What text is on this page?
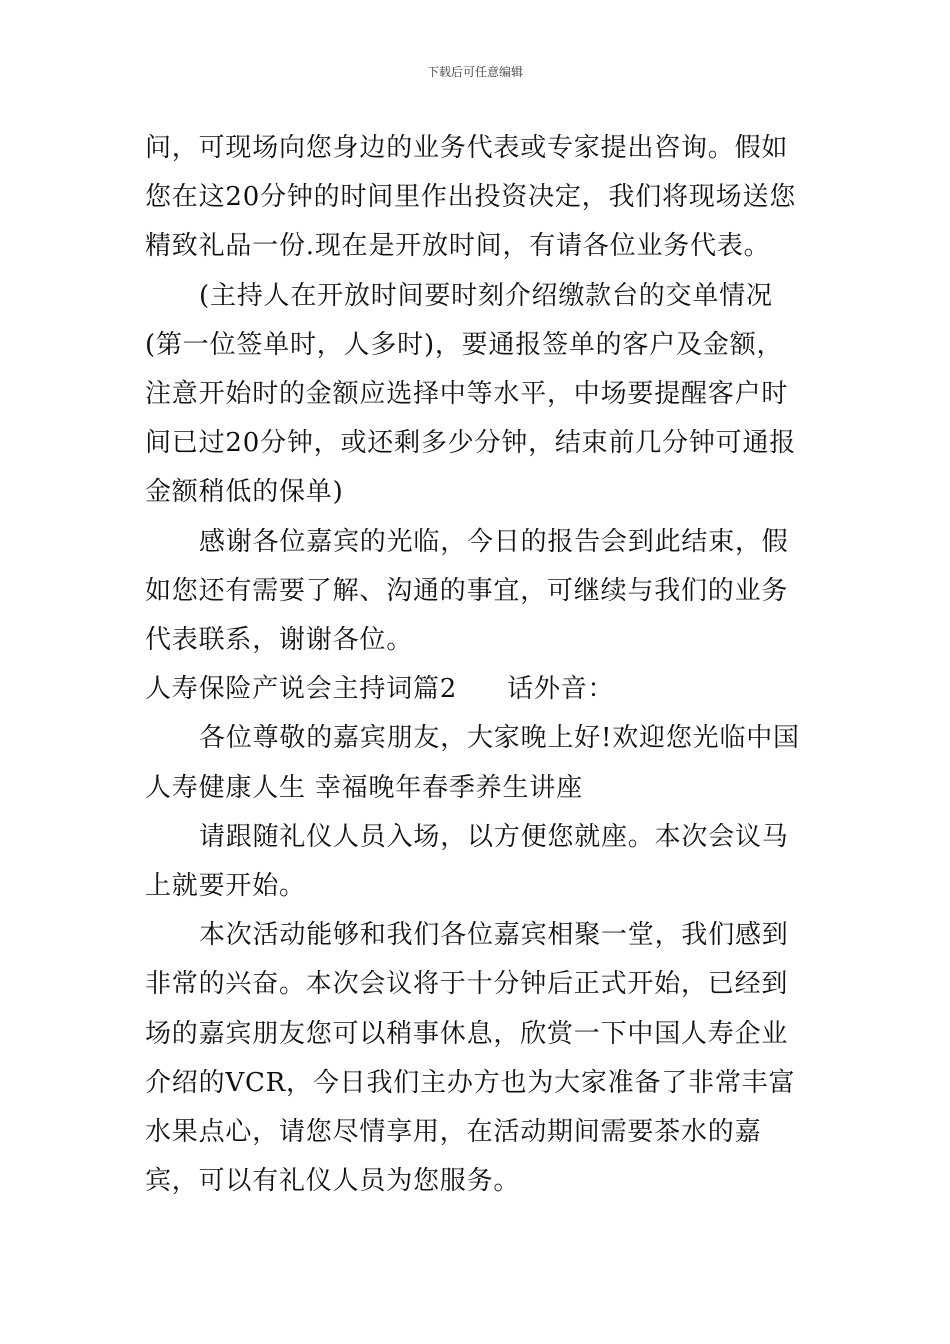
下载后可任意编辑

问，可现场向您身边的业务代表或专家提出咨询。假如您在这20分钟的时间里作出投资决定，我们将现场送您精致礼品一份.现在是开放时间，有请各位业务代表。

(主持人在开放时间要时刻介绍缴款台的交单情况(第一位签单时，人多时)，要通报签单的客户及金额，注意开始时的金额应选择中等水平，中场要提醒客户时间已过20分钟，或还剩多少分钟，结束前几分钟可通报金额稍低的保单)

感谢各位嘉宾的光临，今日的报告会到此结束，假如您还有需要了解、沟通的事宜，可继续与我们的业务代表联系，谢谢各位。

人寿保险产说会主持词篇2 话外音：

各位尊敬的嘉宾朋友，大家晚上好!欢迎您光临中国人寿健康人生 幸福晚年春季养生讲座

请跟随礼仪人员入场，以方便您就座。本次会议马上就要开始。

本次活动能够和我们各位嘉宾相聚一堂，我们感到非常的兴奋。本次会议将于十分钟后正式开始，已经到场的嘉宾朋友您可以稍事休息，欣赏一下中国人寿企业介绍的VCR，今日我们主办方也为大家准备了非常丰富水果点心，请您尽情享用，在活动期间需要茶水的嘉宾，可以有礼仪人员为您服务。
